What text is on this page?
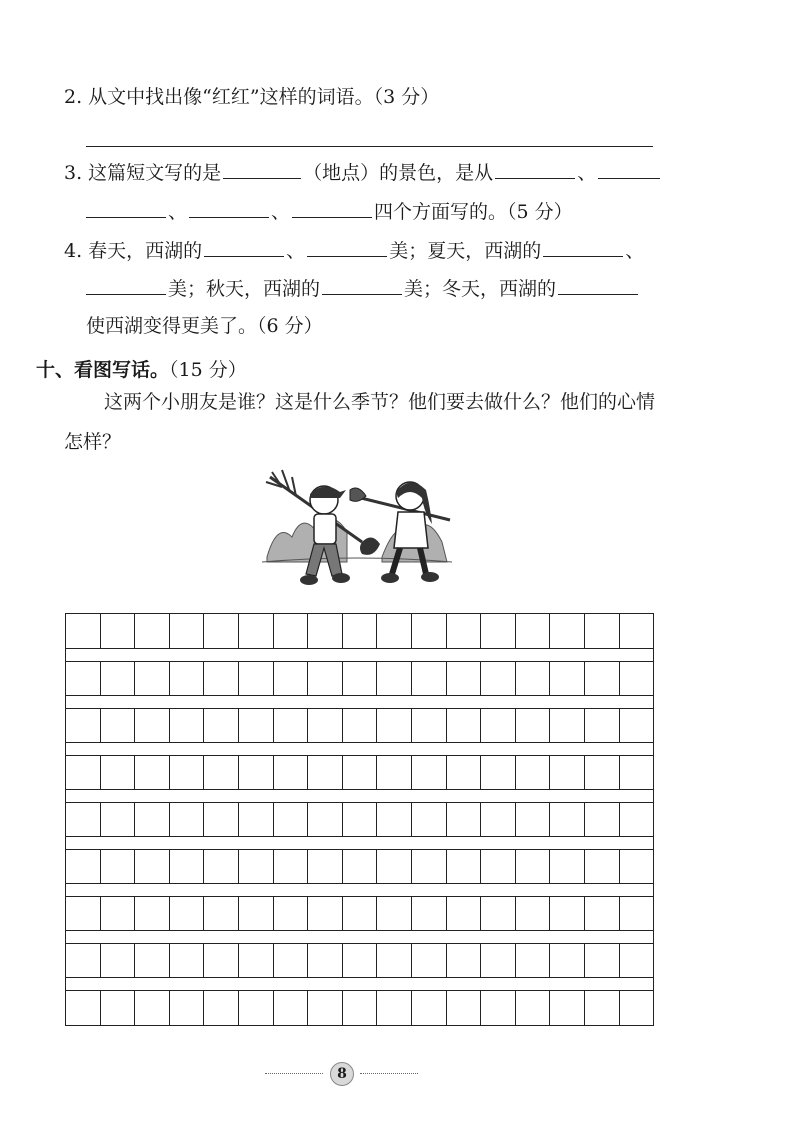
2. 从文中找出像“红红”这样的词语。（3 分）
3. 这篇短文写的是	（地点）的景色，是从	、
、	、	四个方面写的。（5 分）
4. 春天，西湖的	、	美；夏天，西湖的	、
美；秋天，西湖的	美；冬天，西湖的
使西湖变得更美了。（6 分）
十、看图写话。（15 分）
这两个小朋友是谁？这是什么季节？他们要去做什么？他们的心情怎样？
8
